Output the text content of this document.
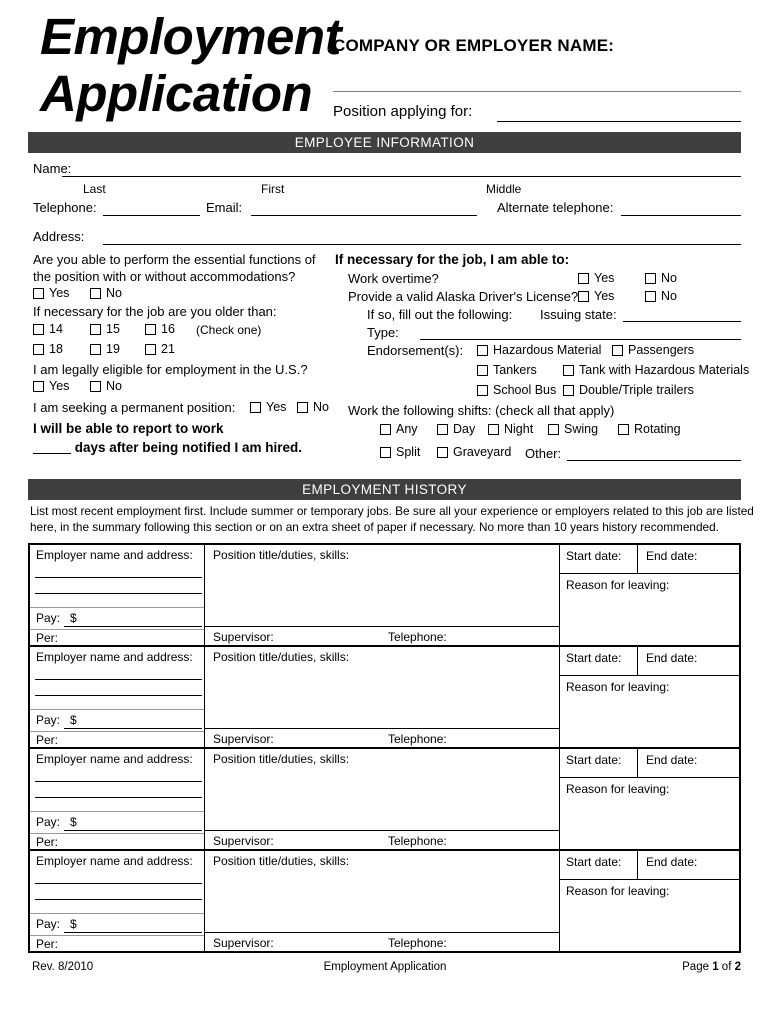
Employment
Application
COMPANY OR EMPLOYER NAME:
Position applying for:
EMPLOYEE INFORMATION
Name:
Last	First	Middle
Telephone:	Email:	Alternate telephone:
Address:
Are you able to perform the essential functions of
the position with or without accommodations?
Yes	No
If necessary for the job are you older than:
14	15	16 (Check one)
18	19	21
I am legally eligible for employment in the U.S.?
Yes	No
I am seeking a permanent position:	Yes	No
I will be able to report to work
days after being notified I am hired.
If necessary for the job, I am able to:
Work overtime?	Yes	No
Provide a valid Alaska Driver's License?	Yes	No
If so, fill out the following: Issuing state:
Type:
Endorsement(s):	Hazardous Material	Passengers
Tankers	Tank with Hazardous Materials
School Bus	Double/Triple trailers
Work the following shifts: (check all that apply)
Any	Day	Night	Swing	Rotating
Split	Graveyard Other:
EMPLOYMENT HISTORY
List most recent employment first. Include summer or temporary jobs. Be sure all your experience or employers related to this job are listed
here, in the summary following this section or on an extra sheet of paper if necessary. No more than 10 years history recommended.
Employer name and address:
Pay: $
Per:
Position title/duties, skills:
Supervisor:	Telephone:
Start date:	End date:
Reason for leaving:
Employer name and address:
Pay: $
Per:
Position title/duties, skills:
Supervisor:	Telephone:
Start date:	End date:
Reason for leaving:
Employer name and address:
Pay: $
Per:
Position title/duties, skills:
Supervisor:	Telephone:
Start date:	End date:
Reason for leaving:
Employer name and address:
Pay: $
Per:
Position title/duties, skills:
Supervisor:	Telephone:
Start date:	End date:
Reason for leaving:
Rev. 8/2010	Employment Application	Page 1 of 2
